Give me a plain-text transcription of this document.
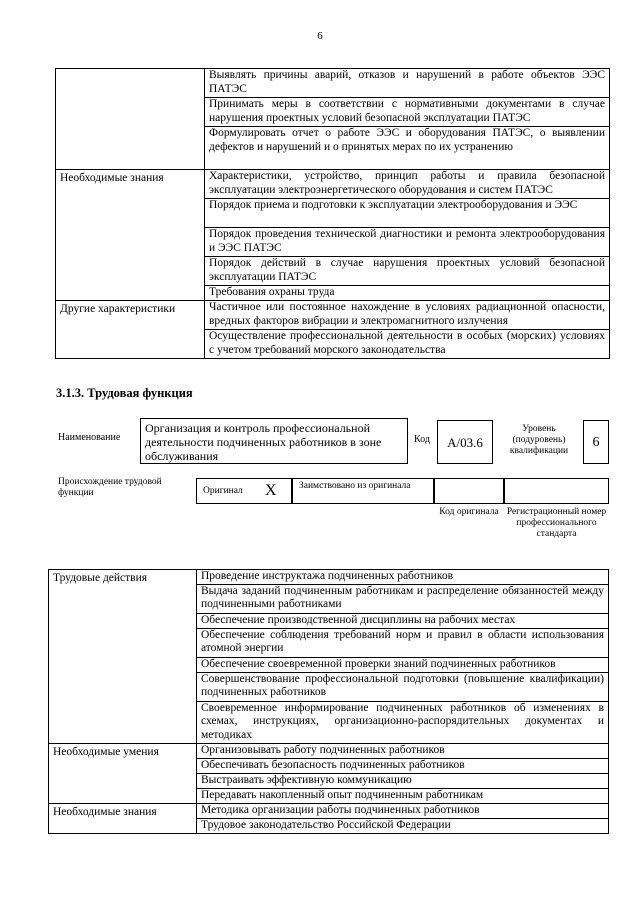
6
	Выявлять причины аварий, отказов и нарушений в работе объектов ЭЭС ПАТЭС
	Принимать меры в соответствии с нормативными документами в случае нарушения проектных условий безопасной эксплуатации ПАТЭС
	Формулировать отчет о работе ЭЭС и оборудования ПАТЭС, о выявлении дефектов и нарушений и о принятых мерах по их устранению
Необходимые знания	Характеристики, устройство, принцип работы и правила безопасной эксплуатации электроэнергетического оборудования и систем ПАТЭС
	Порядок приема и подготовки к эксплуатации электрооборудования и ЭЭС
	Порядок проведения технической диагностики и ремонта электрооборудования и ЭЭС ПАТЭС
	Порядок действий в случае нарушения проектных условий безопасной эксплуатации ПАТЭС
	Требования охраны труда
Другие характеристики	Частичное или постоянное нахождение в условиях радиационной опасности, вредных факторов вибрации и электромагнитного излучения
	Осуществление профессиональной деятельности в особых (морских) условиях с учетом требований морского законодательства
3.1.3. Трудовая функция
Наименование
Организация и контроль профессиональной деятельности подчиненных работников в зоне обслуживания
Код	A/03.6
Уровень (подуровень) квалификации
6
Происхождение трудовой функции	Оригинал X Заимствовано из оригинала
Код оригинала Регистрационный номер профессионального стандарта
Трудовые действия	Проведение инструктажа подчиненных работников
	Выдача заданий подчиненным работникам и распределение обязанностей между подчиненными работниками
	Обеспечение производственной дисциплины на рабочих местах
	Обеспечение соблюдения требований норм и правил в области использования атомной энергии
	Обеспечение своевременной проверки знаний подчиненных работников
	Совершенствование профессиональной подготовки (повышение квалификации) подчиненных работников
	Своевременное информирование подчиненных работников об изменениях в схемах, инструкциях, организационно-распорядительных документах и методиках
Необходимые умения	Организовывать работу подчиненных работников
	Обеспечивать безопасность подчиненных работников
	Выстраивать эффективную коммуникацию
	Передавать накопленный опыт подчиненным работникам
Необходимые знания	Методика организации работы подчиненных работников
	Трудовое законодательство Российской Федерации
